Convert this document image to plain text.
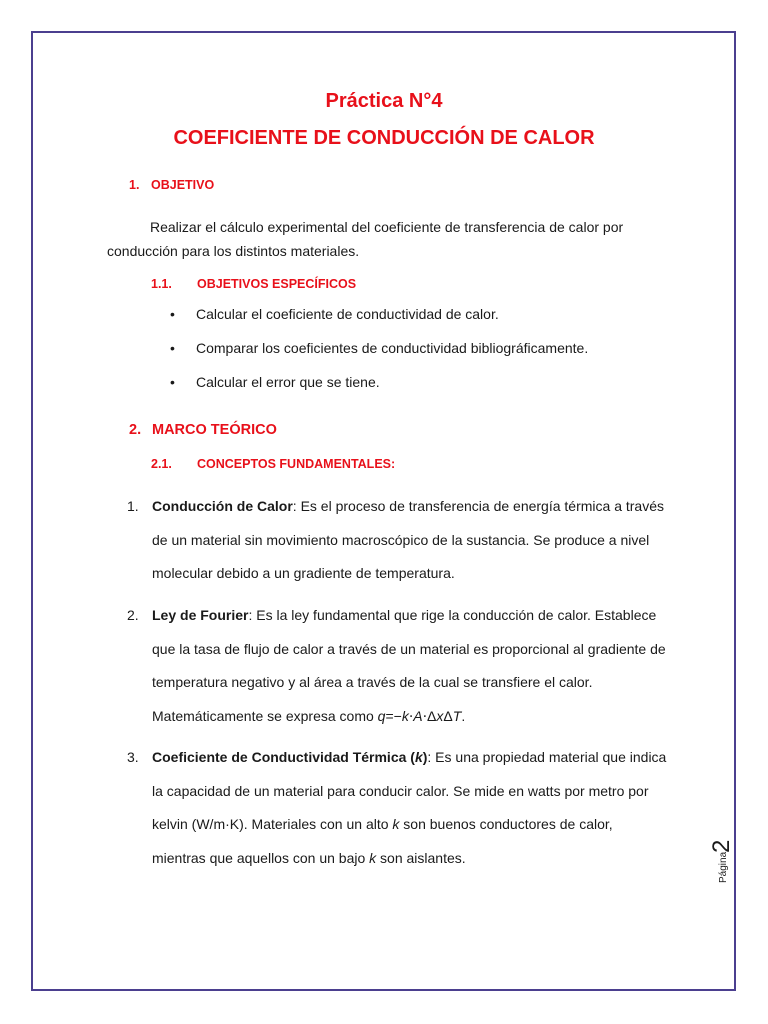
Práctica N°4
COEFICIENTE DE CONDUCCIÓN DE CALOR
1. OBJETIVO

Realizar el cálculo experimental del coeficiente de transferencia de calor por

conducción para los distintos materiales.

1.1. OBJETIVOS ESPECÍFICOS

• Calcular el coeficiente de conductividad de calor.

• Comparar los coeficientes de conductividad bibliográficamente.

• Calcular el error que se tiene.

2. MARCO TEÓRICO
2.1. CONCEPTOS FUNDAMENTALES:
1. Conducción de Calor: Es el proceso de transferencia de energía térmica a través
de un material sin movimiento macroscópico de la sustancia. Se produce a nivel
molecular debido a un gradiente de temperatura.
2. Ley de Fourier: Es la ley fundamental que rige la conducción de calor. Establece
que la tasa de flujo de calor a través de un material es proporcional al gradiente de
temperatura negativo y al área a través de la cual se transfiere el calor.
Matemáticamente se expresa como q=−k⋅A⋅ΔxΔT.
3. Coeficiente de Conductividad Térmica (k): Es una propiedad material que indica
la capacidad de un material para conducir calor. Se mide en watts por metro por
kelvin (W/m·K). Materiales con un alto k son buenos conductores de calor,
mientras que aquellos con un bajo k son aislantes.	Página
2
